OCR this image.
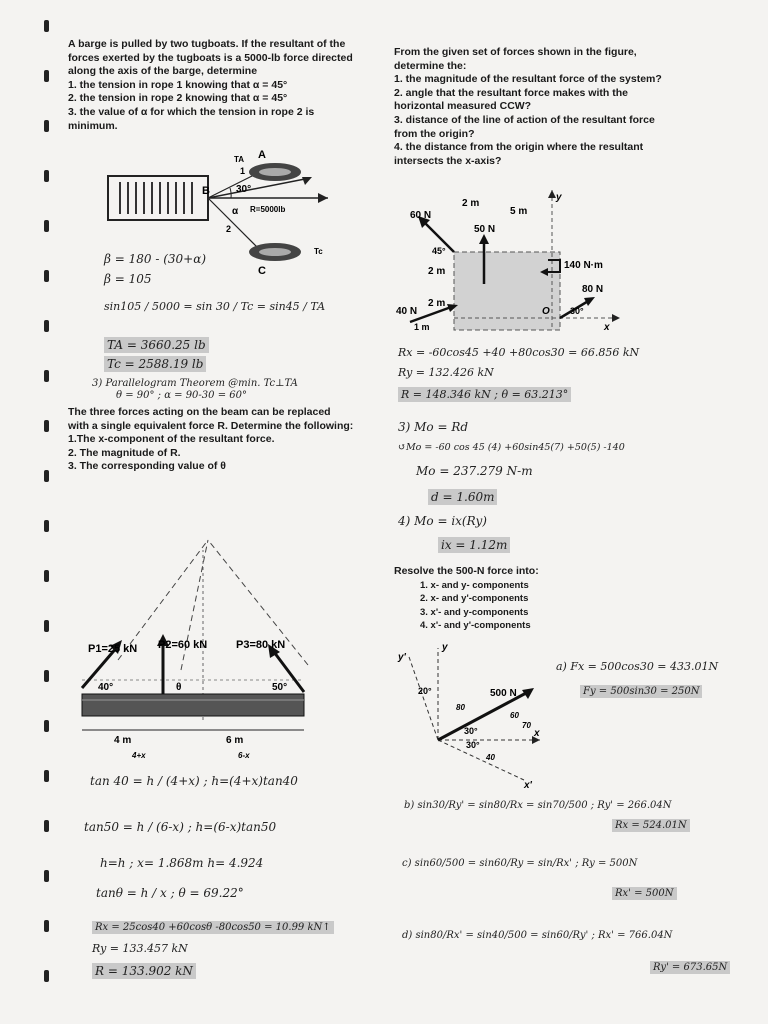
A barge is pulled by two tugboats. If the resultant of the forces exerted by the tugboats is a 5000-lb force directed along the axis of the barge, determine

1. the tension in rope 1 knowing that α = 45°

2. the tension in rope 2 knowing that α = 45°

3. the value of α for which the tension in rope 2 is minimum.

A
B
C
30°
α
1
2
TA
Tc
R=5000lb
β = 180 - (30+α)
β = 105
sin105 / 5000 = sin 30 / Tc = sin45 / TA
TA = 3660.25 lb
Tc = 2588.19 lb
3) Parallelogram Theorem @min. Tc⊥TA
θ = 90° ; α = 90-30 = 60°

The three forces acting on the beam can be replaced with a single equivalent force R. Determine the following:

1.The x-component of the resultant force.

2. The magnitude of R.

3. The corresponding value of θ

P1=25 kN P2=60 kN	P3=80 kN
40°	θ	50°
4 m	6 m
4+x	6-x
tan 40 = h / (4+x) ; h=(4+x)tan40
tan50 = h / (6-x) ; h=(6-x)tan50
h=h ; x= 1.868m h= 4.924
tanθ = h / x ; θ = 69.22°
Rx = 25cos40 +60cosθ -80cos50 = 10.99 kN↑
Ry = 133.457 kN
R = 133.902 kN

From the given set of forces shown in the figure, determine the:

1. the magnitude of the resultant force of the system?

2. angle that the resultant force makes with the horizontal measured CCW?

3. distance of the line of action of the resultant force from the origin?

4. the distance from the origin where the resultant intersects the x-axis?

60 N
50 N
40 N
80 N
140 N·m
2 m
5 m
2 m
2 m
1 m
45°
30°
O
x
y
Rx = -60cos45 +40 +80cos30 = 66.856 kN
Ry = 132.426 kN
R = 148.346 kN ; θ = 63.213°
3) Mo = Rd
↺Mo = -60 cos 45 (4) +60sin45(7) +50(5) -140
Mo = 237.279 N-m
d = 1.60m
4) Mo = ix(Ry)
ix = 1.12m

Resolve the 500-N force into:

1. x- and y- components
2. x- and y'-components
3. x'- and y-components
4. x'- and y'-components
500 N
20°
30°
30°
80
60
70
40
y
y'
x
x'
a) Fx = 500cos30 = 433.01N
Fy = 500sin30 = 250N
b) sin30/Ry' = sin80/Rx = sin70/500 ; Ry' = 266.04N
Rx = 524.01N
c) sin60/500 = sin60/Ry = sin/Rx' ; Ry = 500N
Rx' = 500N
d) sin80/Rx' = sin40/500 = sin60/Ry' ; Rx' = 766.04N
Ry' = 673.65N
